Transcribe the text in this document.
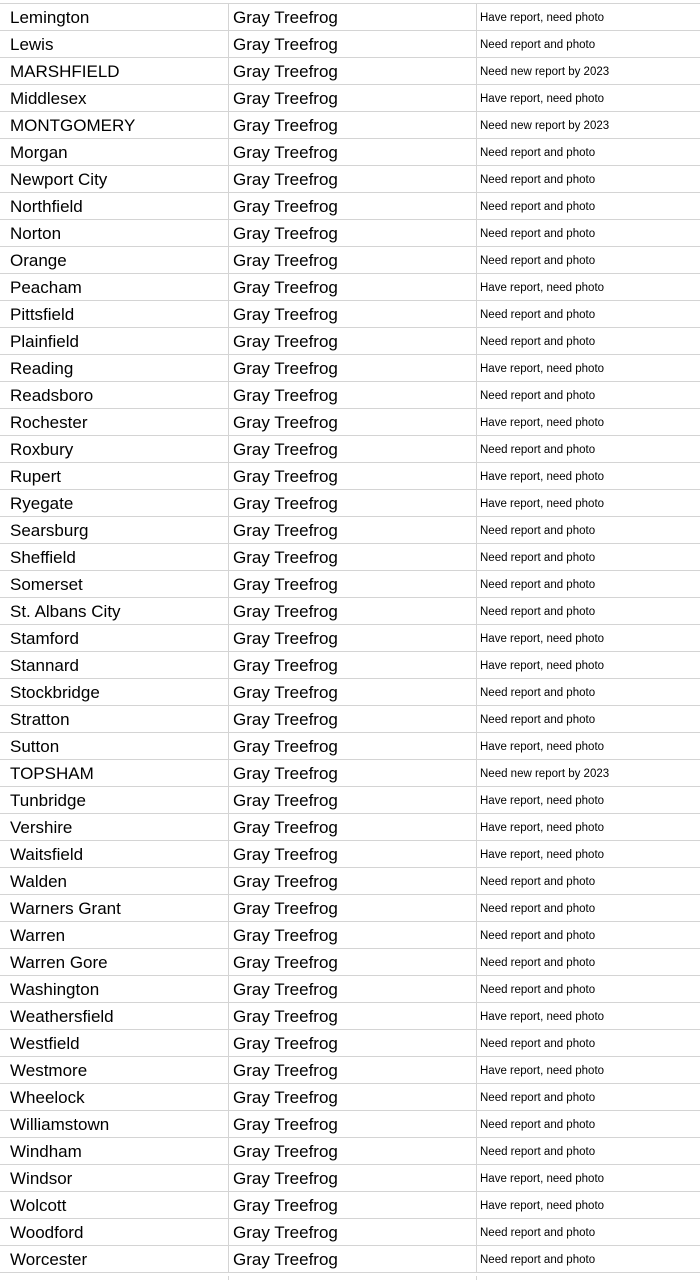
Lemington	Gray Treefrog	Have report, need photo
Lewis	Gray Treefrog	Need report and photo
MARSHFIELD	Gray Treefrog	Need new report by 2023
Middlesex	Gray Treefrog	Have report, need photo
MONTGOMERY	Gray Treefrog	Need new report by 2023
Morgan	Gray Treefrog	Need report and photo
Newport City	Gray Treefrog	Need report and photo
Northfield	Gray Treefrog	Need report and photo
Norton	Gray Treefrog	Need report and photo
Orange	Gray Treefrog	Need report and photo
Peacham	Gray Treefrog	Have report, need photo
Pittsfield	Gray Treefrog	Need report and photo
Plainfield	Gray Treefrog	Need report and photo
Reading	Gray Treefrog	Have report, need photo
Readsboro	Gray Treefrog	Need report and photo
Rochester	Gray Treefrog	Have report, need photo
Roxbury	Gray Treefrog	Need report and photo
Rupert	Gray Treefrog	Have report, need photo
Ryegate	Gray Treefrog	Have report, need photo
Searsburg	Gray Treefrog	Need report and photo
Sheffield	Gray Treefrog	Need report and photo
Somerset	Gray Treefrog	Need report and photo
St. Albans City	Gray Treefrog	Need report and photo
Stamford	Gray Treefrog	Have report, need photo
Stannard	Gray Treefrog	Have report, need photo
Stockbridge	Gray Treefrog	Need report and photo
Stratton	Gray Treefrog	Need report and photo
Sutton	Gray Treefrog	Have report, need photo
TOPSHAM	Gray Treefrog	Need new report by 2023
Tunbridge	Gray Treefrog	Have report, need photo
Vershire	Gray Treefrog	Have report, need photo
Waitsfield	Gray Treefrog	Have report, need photo
Walden	Gray Treefrog	Need report and photo
Warners Grant	Gray Treefrog	Need report and photo
Warren	Gray Treefrog	Need report and photo
Warren Gore	Gray Treefrog	Need report and photo
Washington	Gray Treefrog	Need report and photo
Weathersfield	Gray Treefrog	Have report, need photo
Westfield	Gray Treefrog	Need report and photo
Westmore	Gray Treefrog	Have report, need photo
Wheelock	Gray Treefrog	Need report and photo
Williamstown	Gray Treefrog	Need report and photo
Windham	Gray Treefrog	Need report and photo
Windsor	Gray Treefrog	Have report, need photo
Wolcott	Gray Treefrog	Have report, need photo
Woodford	Gray Treefrog	Need report and photo
Worcester	Gray Treefrog	Need report and photo
